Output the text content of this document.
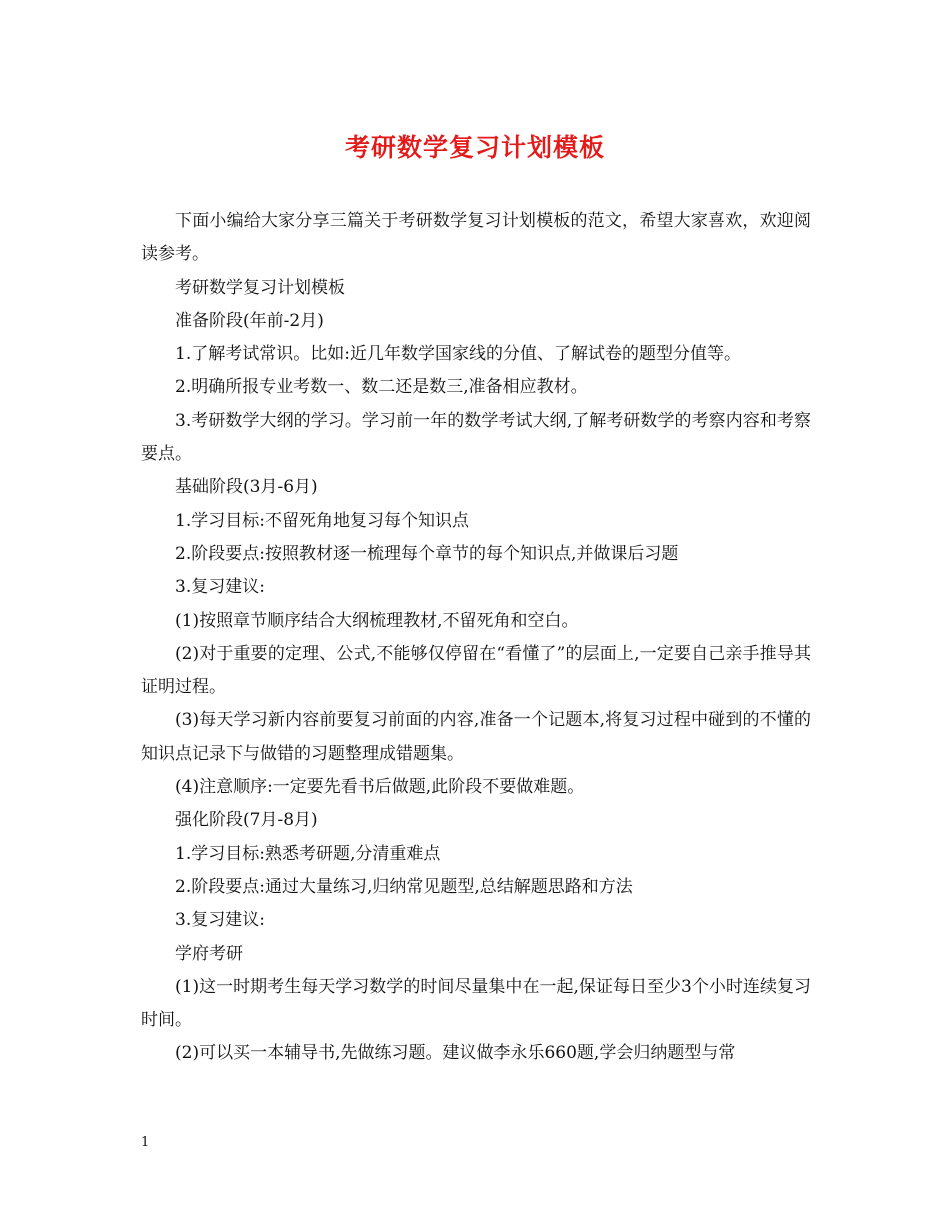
考研数学复习计划模板

下面小编给大家分享三篇关于考研数学复习计划模板的范文，希望大家喜欢，欢迎阅读参考。

考研数学复习计划模板

准备阶段(年前-2月)

1.了解考试常识。比如:近几年数学国家线的分值、了解试卷的题型分值等。

2.明确所报专业考数一、数二还是数三,准备相应教材。

3.考研数学大纲的学习。学习前一年的数学考试大纲,了解考研数学的考察内容和考察要点。

基础阶段(3月-6月)

1.学习目标:不留死角地复习每个知识点

2.阶段要点:按照教材逐一梳理每个章节的每个知识点,并做课后习题

3.复习建议:

(1)按照章节顺序结合大纲梳理教材,不留死角和空白。

(2)对于重要的定理、公式,不能够仅停留在“看懂了”的层面上,一定要自己亲手推导其证明过程。

(3)每天学习新内容前要复习前面的内容,准备一个记题本,将复习过程中碰到的不懂的知识点记录下与做错的习题整理成错题集。

(4)注意顺序:一定要先看书后做题,此阶段不要做难题。

强化阶段(7月-8月)

1.学习目标:熟悉考研题,分清重难点

2.阶段要点:通过大量练习,归纳常见题型,总结解题思路和方法

3.复习建议:

学府考研

(1)这一时期考生每天学习数学的时间尽量集中在一起,保证每日至少3个小时连续复习时间。

(2)可以买一本辅导书,先做练习题。建议做李永乐660题,学会归纳题型与常

1
